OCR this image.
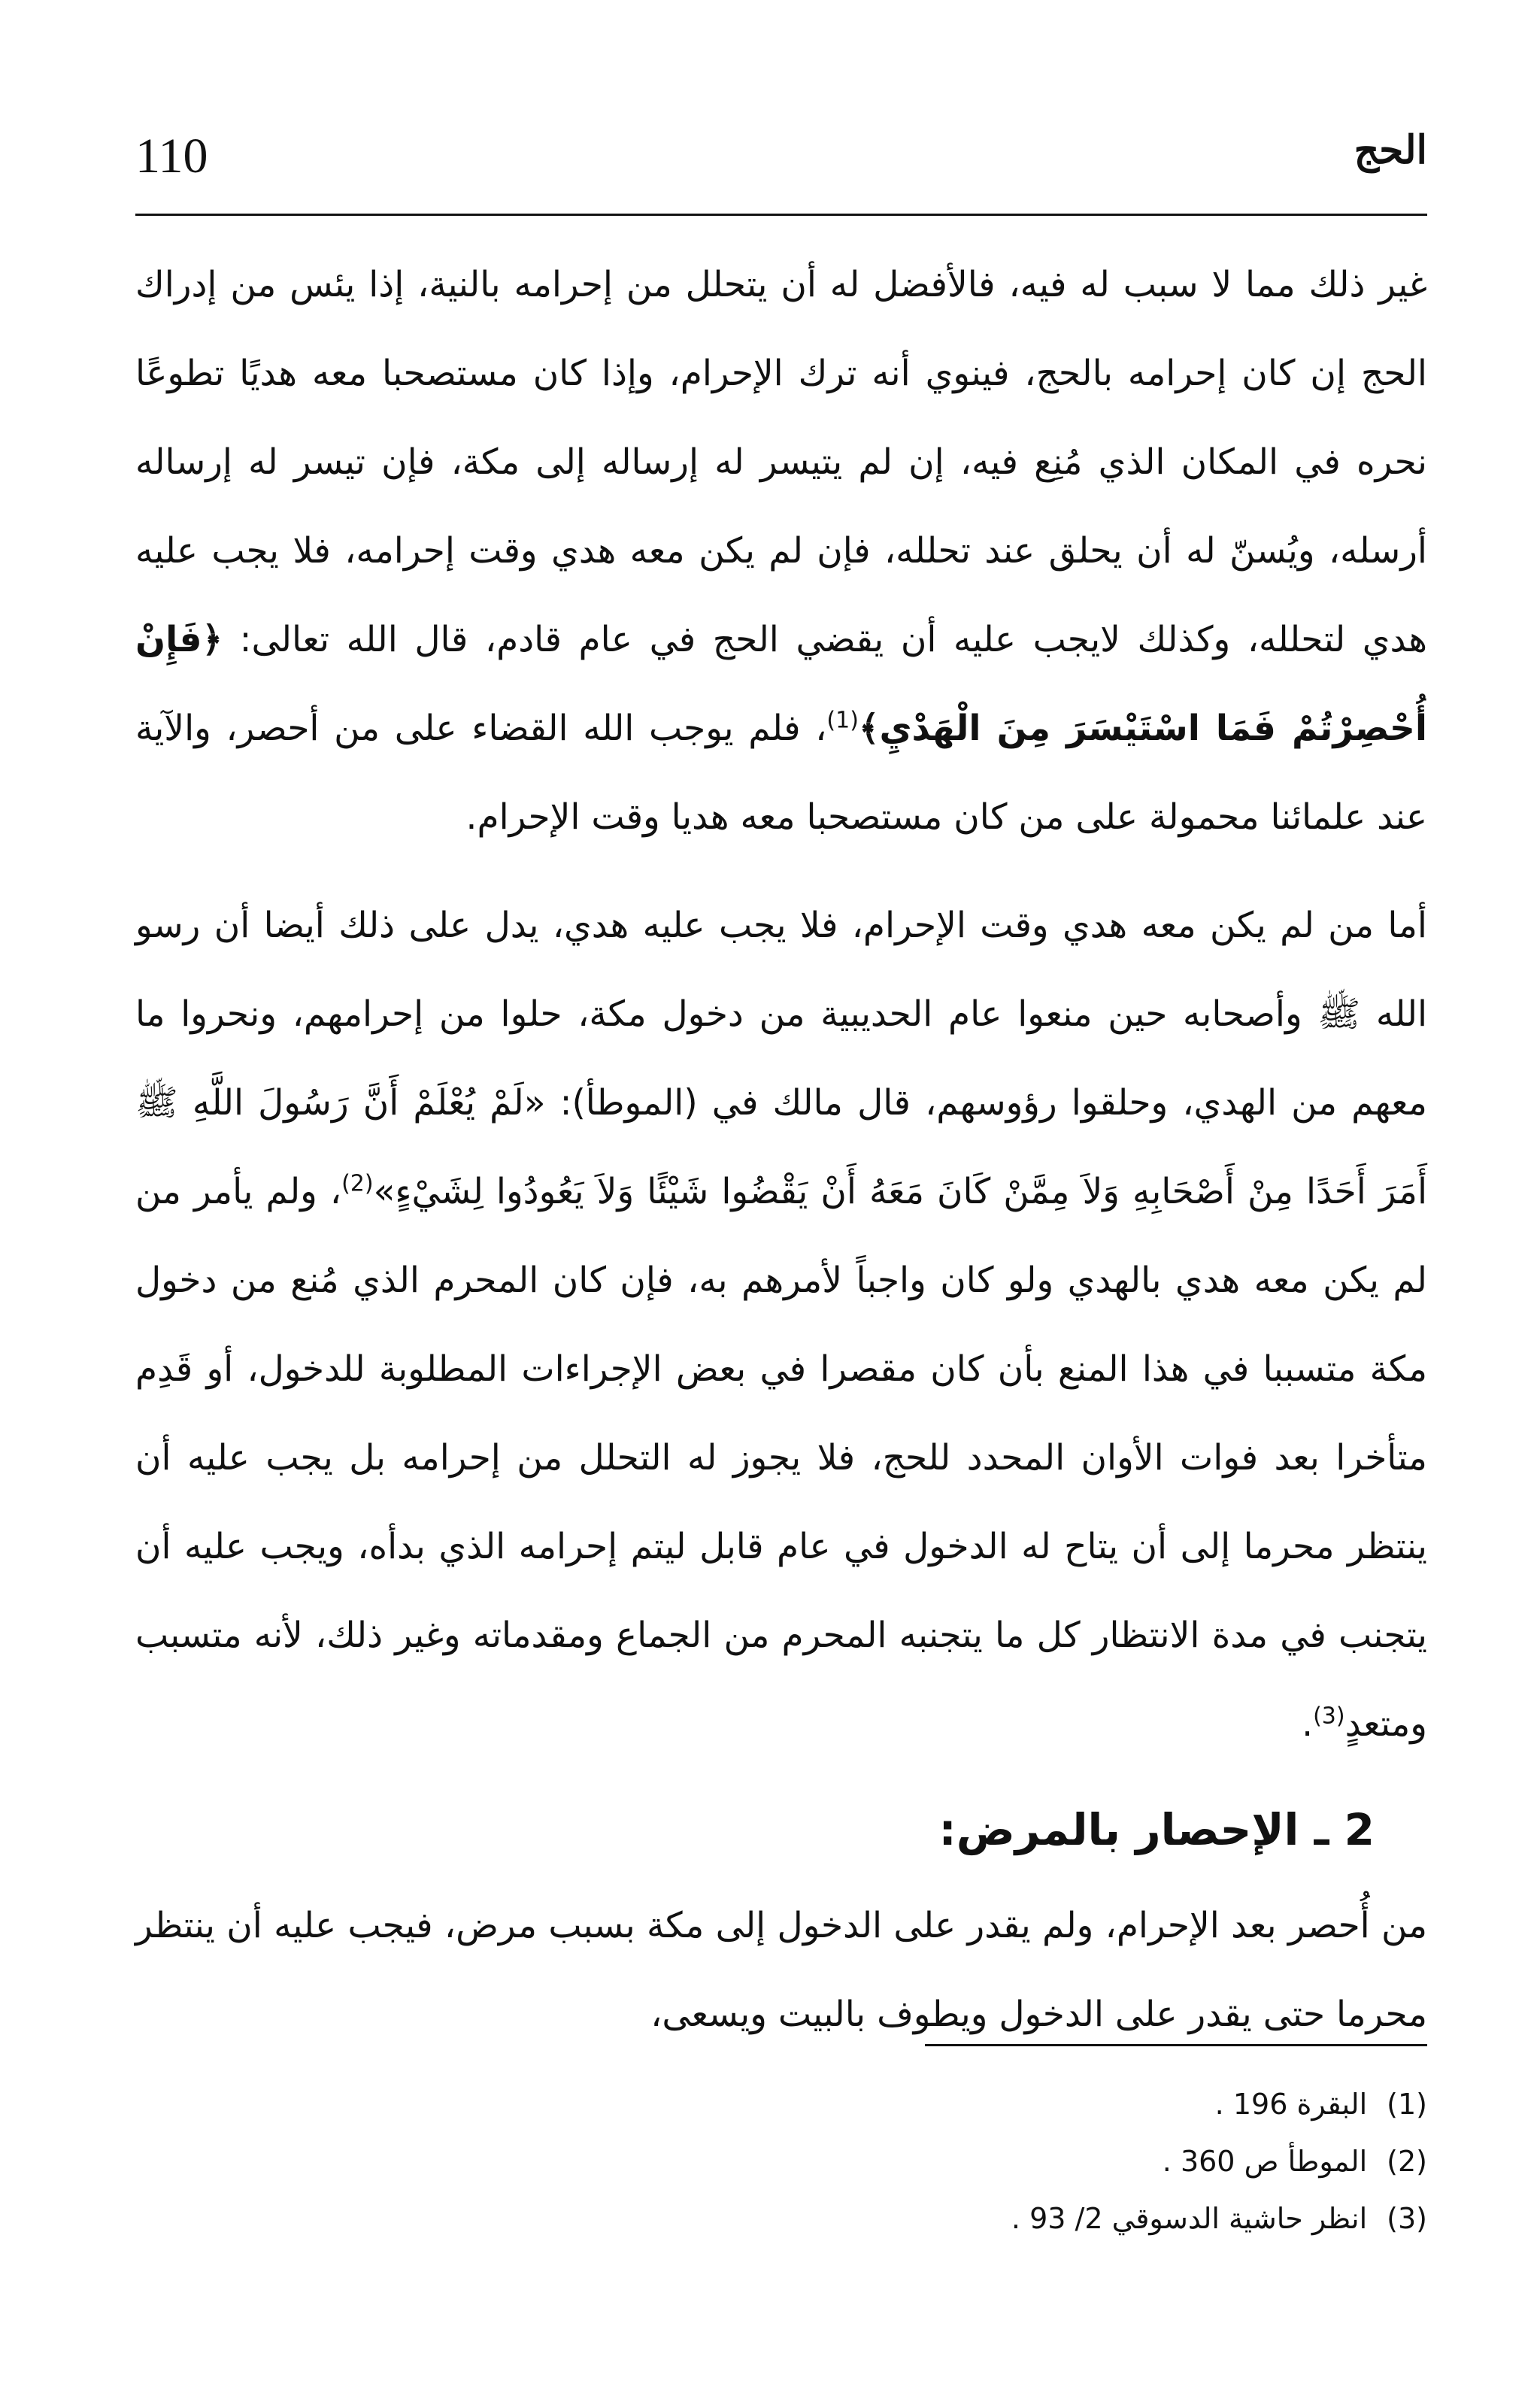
110	الحج

غير ذلك مما لا سبب له فيه، فالأفضل له أن يتحلل من إحرامه بالنية، إذا يئس من إدراك الحج إن كان إحرامه بالحج، فينوي أنه ترك الإحرام، وإذا كان مستصحبا معه هديًا تطوعًا نحره في المكان الذي مُنِع فيه، إن لم يتيسر له إرساله إلى مكة، فإن تيسر له إرساله أرسله، ويُسنّ له أن يحلق عند تحلله، فإن لم يكن معه هدي وقت إحرامه، فلا يجب عليه هدي لتحلله، وكذلك لايجب عليه أن يقضي الحج في عام قادم، قال الله تعالى: ﴿فَإِنْ أُحْصِرْتُمْ فَمَا اسْتَيْسَرَ مِنَ الْهَدْيِ﴾$^{(1)}$، فلم يوجب الله القضاء على من أحصر، والآية عند علمائنا محمولة على من كان مستصحبا معه هديا وقت الإحرام.

أما من لم يكن معه هدي وقت الإحرام، فلا يجب عليه هدي، يدل على ذلك أيضا أن رسو الله ﷺ وأصحابه حين منعوا عام الحديبية من دخول مكة، حلوا من إحرامهم، ونحروا ما معهم من الهدي، وحلقوا رؤوسهم، قال مالك في (الموطأ): «لَمْ يُعْلَمْ أَنَّ رَسُولَ اللَّهِ ﷺ أَمَرَ أَحَدًا مِنْ أَصْحَابِهِ وَلاَ مِمَّنْ كَانَ مَعَهُ أَنْ يَقْضُوا شَيْئًا وَلاَ يَعُودُوا لِشَيْءٍ»$^{(2)}$، ولم يأمر من لم يكن معه هدي بالهدي ولو كان واجباً لأمرهم به، فإن كان المحرم الذي مُنع من دخول مكة متسببا في هذا المنع بأن كان مقصرا في بعض الإجراءات المطلوبة للدخول، أو قَدِم متأخرا بعد فوات الأوان المحدد للحج، فلا يجوز له التحلل من إحرامه بل يجب عليه أن ينتظر محرما إلى أن يتاح له الدخول في عام قابل ليتم إحرامه الذي بدأه، ويجب عليه أن يتجنب في مدة الانتظار كل ما يتجنبه المحرم من الجماع ومقدماته وغير ذلك، لأنه متسبب ومتعدٍ$^{(3)}$.

2 ـ الإحصار بالمرض:

من أُحصر بعد الإحرام، ولم يقدر على الدخول إلى مكة بسبب مرض، فيجب عليه أن ينتظر محرما حتى يقدر على الدخول ويطوف بالبيت ويسعى،

(1)البقرة 196 .
(2)الموطأ ص 360 .
(3)انظر حاشية الدسوقي 2/ 93 .
